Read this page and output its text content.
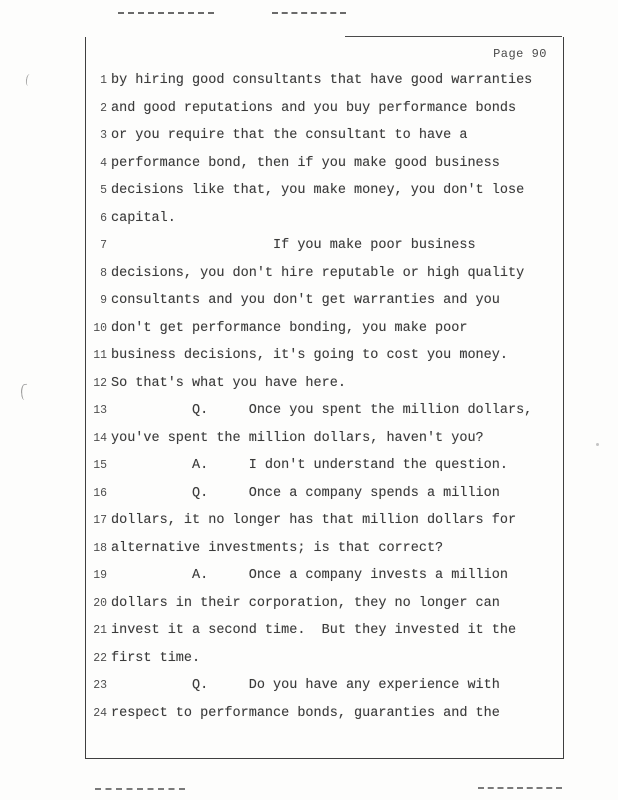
Page 90
1 by hiring good consultants that have good warranties
2 and good reputations and you buy performance bonds
3 or you require that the consultant to have a
4 performance bond, then if you make good business
5 decisions like that, you make money, you don't lose
6 capital.
7 If you make poor business
8 decisions, you don't hire reputable or high quality
9 consultants and you don't get warranties and you
10 don't get performance bonding, you make poor
11 business decisions, it's going to cost you money.
12 So that's what you have here.
13 Q.     Once you spent the million dollars,
14 you've spent the million dollars, haven't you?
15 A.     I don't understand the question.
16 Q.     Once a company spends a million
17 dollars, it no longer has that million dollars for
18 alternative investments; is that correct?
19 A.     Once a company invests a million
20 dollars in their corporation, they no longer can
21 invest it a second time.  But they invested it the
22 first time.
23 Q.     Do you have any experience with
24 respect to performance bonds, guaranties and the
